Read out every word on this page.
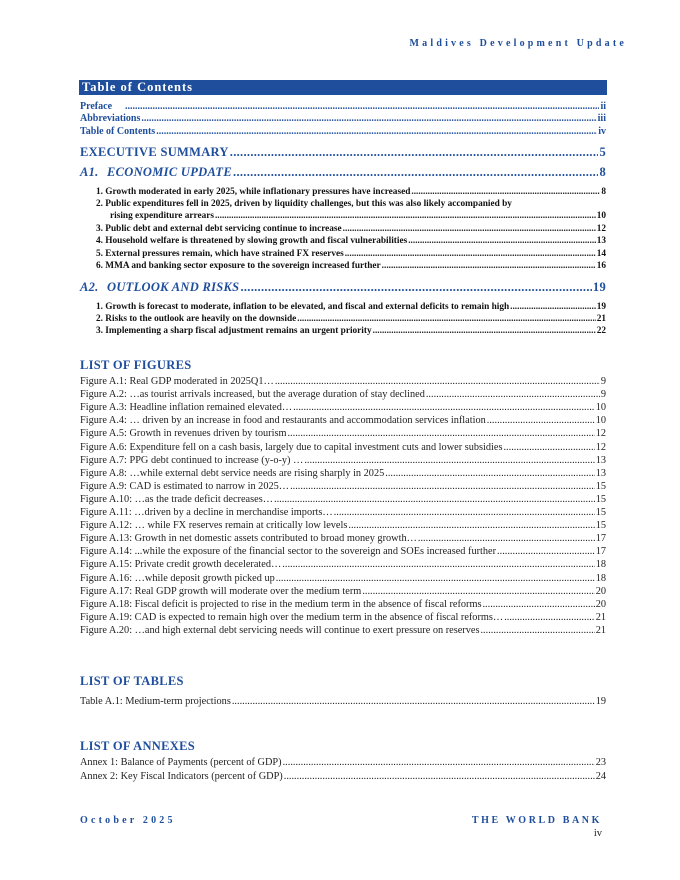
Maldives Development Update
Table of Contents
Preface .....	ii
Abbreviations .....	iii
Table of Contents .....	iv
EXECUTIVE SUMMARY .....	5
A1. ECONOMIC UPDATE .....	8
1. Growth moderated in early 2025, while inflationary pressures have increased .....	8
2. Public expenditures fell in 2025, driven by liquidity challenges, but this was also likely accompanied by
rising expenditure arrears .....	10
3. Public debt and external debt servicing continue to increase .....	12
4. Household welfare is threatened by slowing growth and fiscal vulnerabilities .....	13
5. External pressures remain, which have strained FX reserves .....	14
6. MMA and banking sector exposure to the sovereign increased further .....	16
A2. OUTLOOK AND RISKS .....	19
1. Growth is forecast to moderate, inflation to be elevated, and fiscal and external deficits to remain high .....	19
2. Risks to the outlook are heavily on the downside .....	21
3. Implementing a sharp fiscal adjustment remains an urgent priority .....	22
LIST OF FIGURES
Figure A.1: Real GDP moderated in 2025Q1… .....	9
Figure A.2: …as tourist arrivals increased, but the average duration of stay declined .....	9
Figure A.3: Headline inflation remained elevated… .....	10
Figure A.4: … driven by an increase in food and restaurants and accommodation services inflation .....	10
Figure A.5: Growth in revenues driven by tourism .....	12
Figure A.6: Expenditure fell on a cash basis, largely due to capital investment cuts and lower subsidies .....	12
Figure A.7: PPG debt continued to increase (y-o-y) … .....	13
Figure A.8: …while external debt service needs are rising sharply in 2025 .....	13
Figure A.9: CAD is estimated to narrow in 2025… .....	15
Figure A.10: …as the trade deficit decreases… .....	15
Figure A.11: …driven by a decline in merchandise imports… .....	15
Figure A.12: … while FX reserves remain at critically low levels .....	15
Figure A.13: Growth in net domestic assets contributed to broad money growth… .....	17
Figure A.14: ...while the exposure of the financial sector to the sovereign and SOEs increased further .....	17
Figure A.15: Private credit growth decelerated… .....	18
Figure A.16: …while deposit growth picked up .....	18
Figure A.17: Real GDP growth will moderate over the medium term .....	20
Figure A.18: Fiscal deficit is projected to rise in the medium term in the absence of fiscal reforms .....	20
Figure A.19: CAD is expected to remain high over the medium term in the absence of fiscal reforms… .....	21
Figure A.20: …and high external debt servicing needs will continue to exert pressure on reserves .....	21
LIST OF TABLES
Table A.1: Medium-term projections .....	19
LIST OF ANNEXES
Annex 1: Balance of Payments (percent of GDP) .....	23
Annex 2: Key Fiscal Indicators (percent of GDP) .....	24
October 2025	THE WORLD BANK
iv
